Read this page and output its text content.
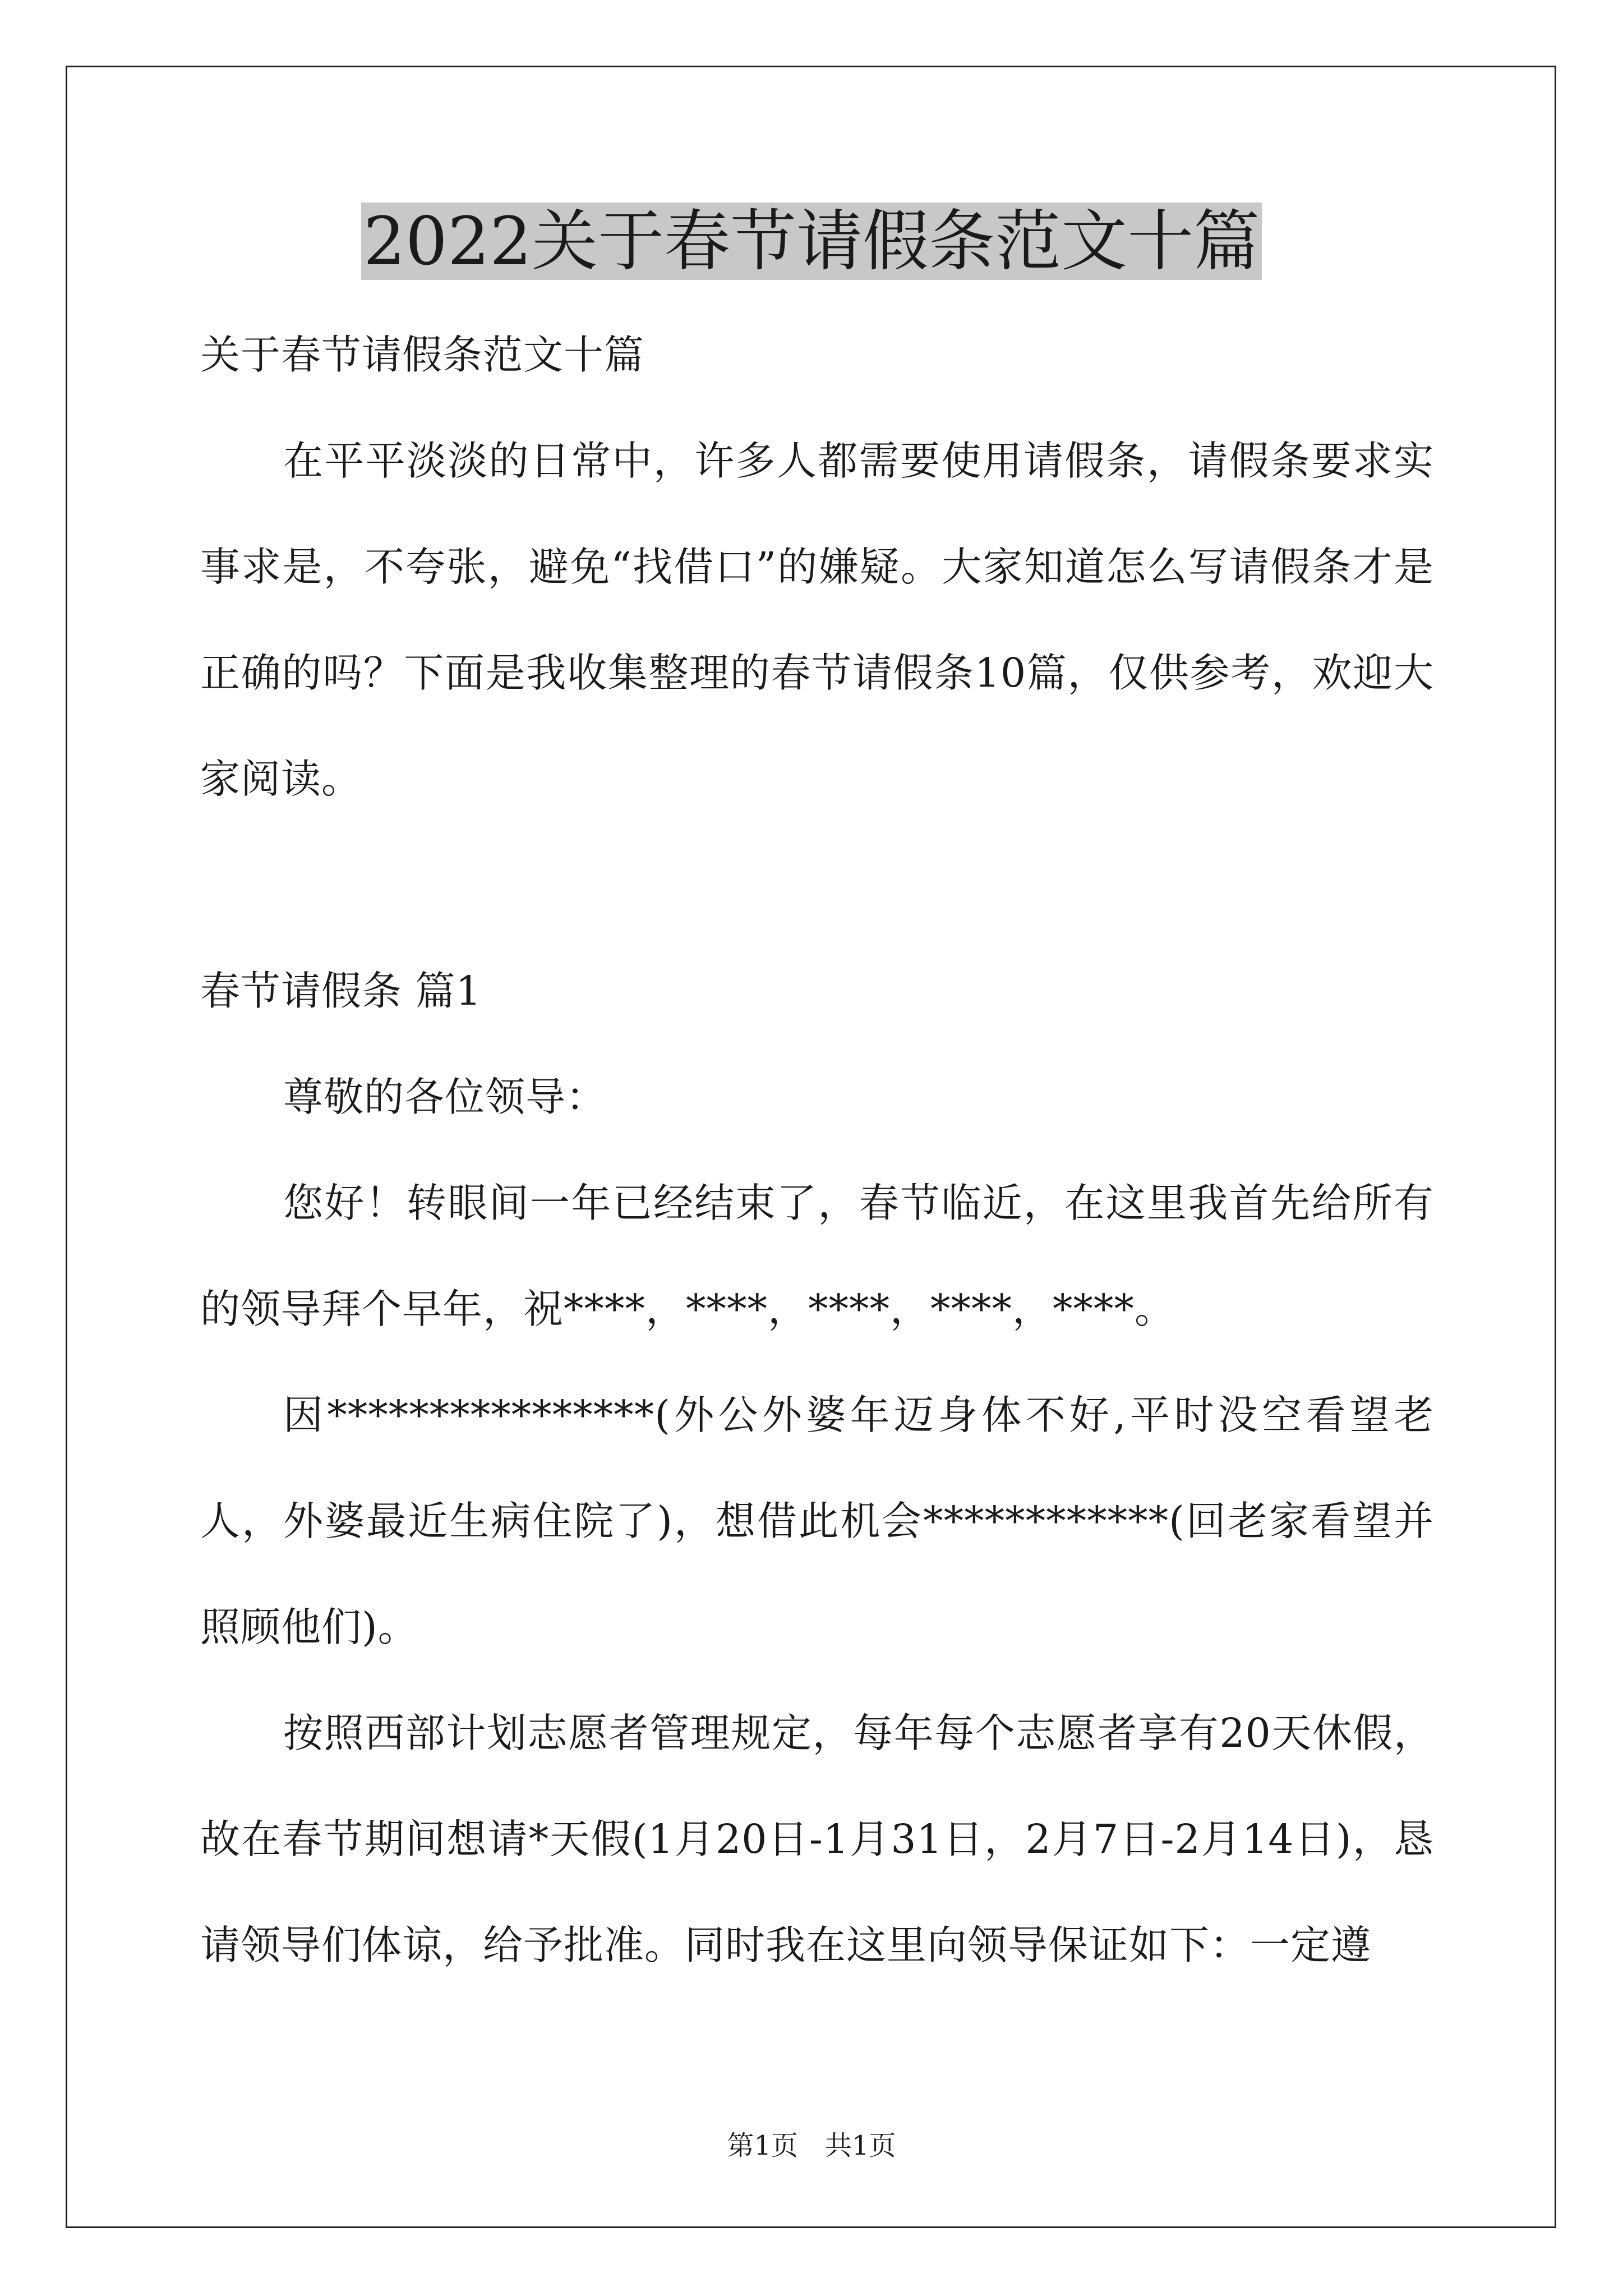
2022关于春节请假条范文十篇

关于春节请假条范文十篇

在平平淡淡的日常中，许多人都需要使用请假条，请假条要求实事求是，不夸张，避免“找借口”的嫌疑。大家知道怎么写请假条才是正确的吗？下面是我收集整理的春节请假条10篇，仅供参考，欢迎大家阅读。

春节请假条 篇1

尊敬的各位领导：

您好！转眼间一年已经结束了，春节临近，在这里我首先给所有的领导拜个早年，祝****，****，****，****，****。

因****************(外公外婆年迈身体不好,平时没空看望老人，外婆最近生病住院了)，想借此机会************(回老家看望并照顾他们)。

按照西部计划志愿者管理规定，每年每个志愿者享有20天休假，故在春节期间想请*天假(1月20日-1月31日，2月7日-2月14日)，恳请领导们体谅，给予批准。同时我在这里向领导保证如下：一定遵

第1页 共1页
